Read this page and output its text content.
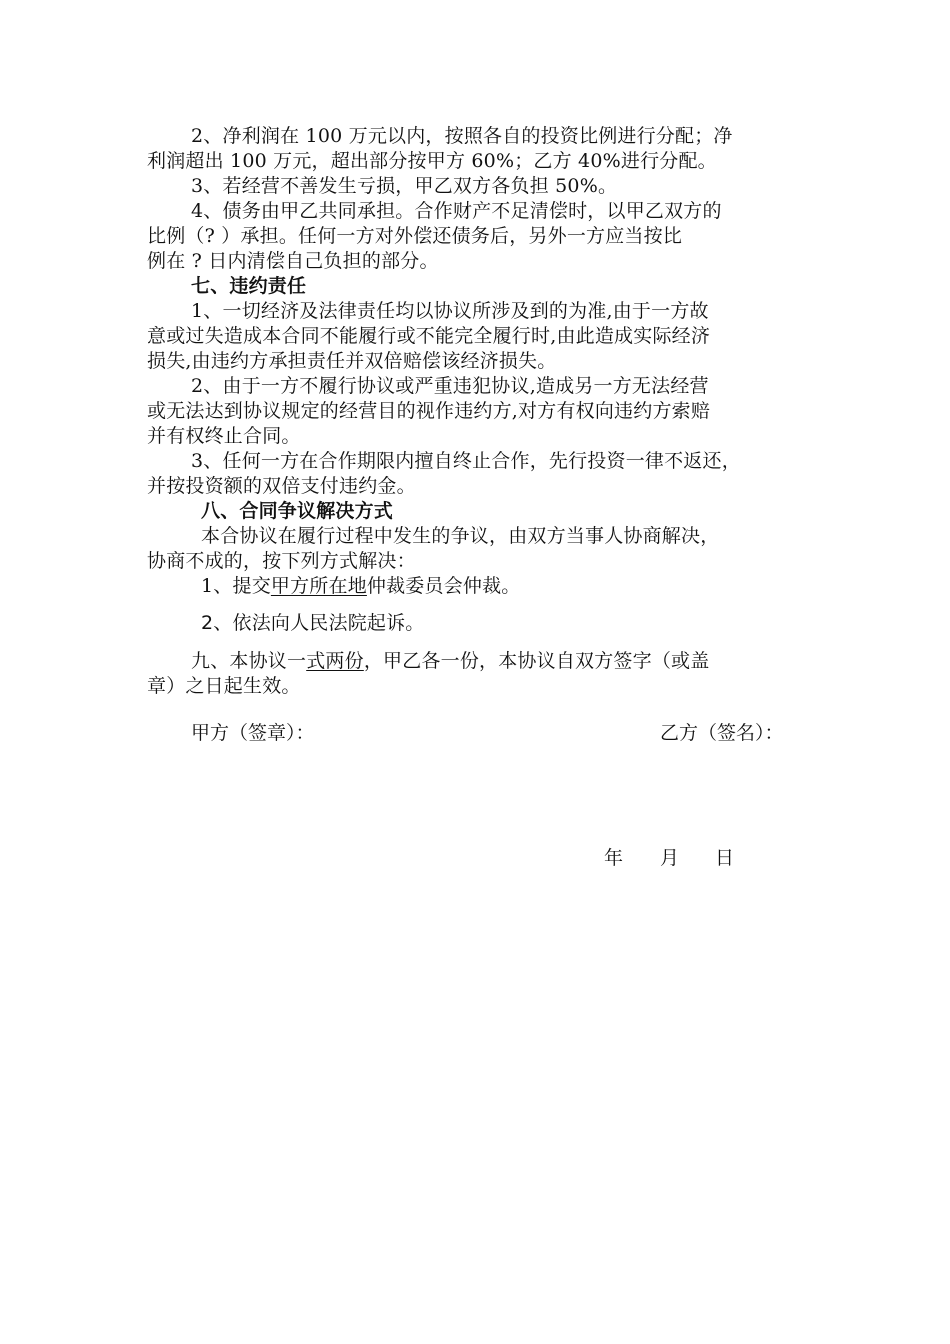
2、净利润在 100 万元以内，按照各自的投资比例进行分配；净
利润超出 100 万元，超出部分按甲方 60%；乙方 40%进行分配。
3、若经营不善发生亏损，甲乙双方各负担 50%。
4、债务由甲乙共同承担。合作财产不足清偿时，以甲乙双方的
比例（? ）承担。任何一方对外偿还债务后，另外一方应当按比
例在 ? 日内清偿自己负担的部分。
七、违约责任
1、一切经济及法律责任均以协议所涉及到的为准,由于一方故
意或过失造成本合同不能履行或不能完全履行时,由此造成实际经济
损失,由违约方承担责任并双倍赔偿该经济损失。
2、由于一方不履行协议或严重违犯协议,造成另一方无法经营
或无法达到协议规定的经营目的视作违约方,对方有权向违约方索赔
并有权终止合同。
3、任何一方在合作期限内擅自终止合作，先行投资一律不返还，
并按投资额的双倍支付违约金。
八、合同争议解决方式
本合协议在履行过程中发生的争议，由双方当事人协商解决，
协商不成的，按下列方式解决：
1、提交甲方所在地仲裁委员会仲裁。
2、依法向人民法院起诉。
九、本协议一式两份，甲乙各一份，本协议自双方签字（或盖
章）之日起生效。
甲方（签章）：	乙方（签名）：
年 月 日
